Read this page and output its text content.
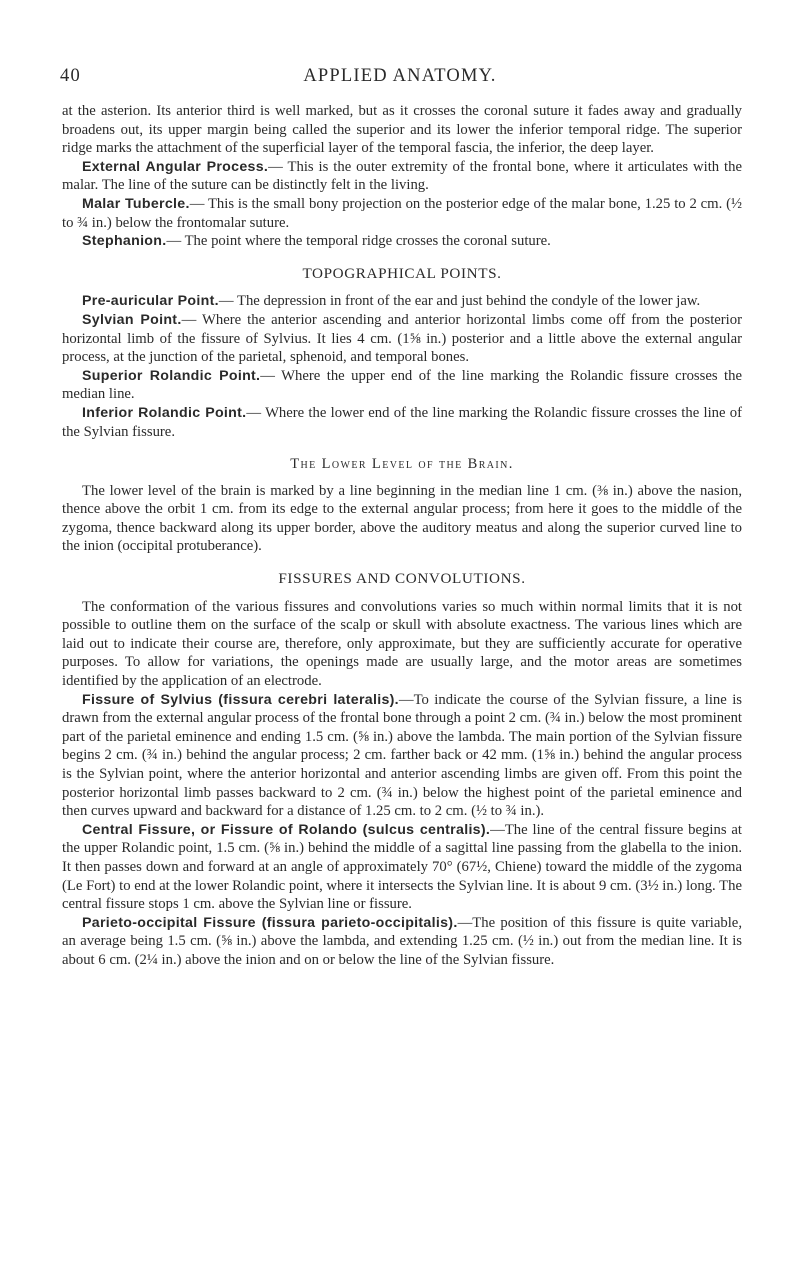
40	APPLIED ANATOMY.

at the asterion. Its anterior third is well marked, but as it crosses the coronal suture it fades away and gradually broadens out, its upper margin being called the superior and its lower the inferior temporal ridge. The superior ridge marks the attachment of the superficial layer of the temporal fascia, the inferior, the deep layer.

External Angular Process.— This is the outer extremity of the frontal bone, where it articulates with the malar. The line of the suture can be distinctly felt in the living.

Malar Tubercle.— This is the small bony projection on the posterior edge of the malar bone, 1.25 to 2 cm. (½ to ¾ in.) below the frontomalar suture.

Stephanion.— The point where the temporal ridge crosses the coronal suture.

TOPOGRAPHICAL POINTS.

Pre-auricular Point.— The depression in front of the ear and just behind the condyle of the lower jaw.

Sylvian Point.— Where the anterior ascending and anterior horizontal limbs come off from the posterior horizontal limb of the fissure of Sylvius. It lies 4 cm. (1⅝ in.) posterior and a little above the external angular process, at the junction of the parietal, sphenoid, and temporal bones.

Superior Rolandic Point.— Where the upper end of the line marking the Rolandic fissure crosses the median line.

Inferior Rolandic Point.— Where the lower end of the line marking the Rolandic fissure crosses the line of the Sylvian fissure.

The Lower Level of the Brain.

The lower level of the brain is marked by a line beginning in the median line 1 cm. (⅜ in.) above the nasion, thence above the orbit 1 cm. from its edge to the external angular process; from here it goes to the middle of the zygoma, thence backward along its upper border, above the auditory meatus and along the superior curved line to the inion (occipital protuberance).

FISSURES AND CONVOLUTIONS.

The conformation of the various fissures and convolutions varies so much within normal limits that it is not possible to outline them on the surface of the scalp or skull with absolute exactness. The various lines which are laid out to indicate their course are, therefore, only approximate, but they are sufficiently accurate for operative purposes. To allow for variations, the openings made are usually large, and the motor areas are sometimes identified by the application of an electrode.

Fissure of Sylvius (fissura cerebri lateralis).—To indicate the course of the Sylvian fissure, a line is drawn from the external angular process of the frontal bone through a point 2 cm. (¾ in.) below the most prominent part of the parietal eminence and ending 1.5 cm. (⅝ in.) above the lambda. The main portion of the Sylvian fissure begins 2 cm. (¾ in.) behind the angular process; 2 cm. farther back or 42 mm. (1⅝ in.) behind the angular process is the Sylvian point, where the anterior horizontal and anterior ascending limbs are given off. From this point the posterior horizontal limb passes backward to 2 cm. (¾ in.) below the highest point of the parietal eminence and then curves upward and backward for a distance of 1.25 cm. to 2 cm. (½ to ¾ in.).

Central Fissure, or Fissure of Rolando (sulcus centralis).—The line of the central fissure begins at the upper Rolandic point, 1.5 cm. (⅝ in.) behind the middle of a sagittal line passing from the glabella to the inion. It then passes down and forward at an angle of approximately 70° (67½, Chiene) toward the middle of the zygoma (Le Fort) to end at the lower Rolandic point, where it intersects the Sylvian line. It is about 9 cm. (3½ in.) long. The central fissure stops 1 cm. above the Sylvian line or fissure.

Parieto-occipital Fissure (fissura parieto-occipitalis).—The position of this fissure is quite variable, an average being 1.5 cm. (⅝ in.) above the lambda, and extending 1.25 cm. (½ in.) out from the median line. It is about 6 cm. (2¼ in.) above the inion and on or below the line of the Sylvian fissure.
